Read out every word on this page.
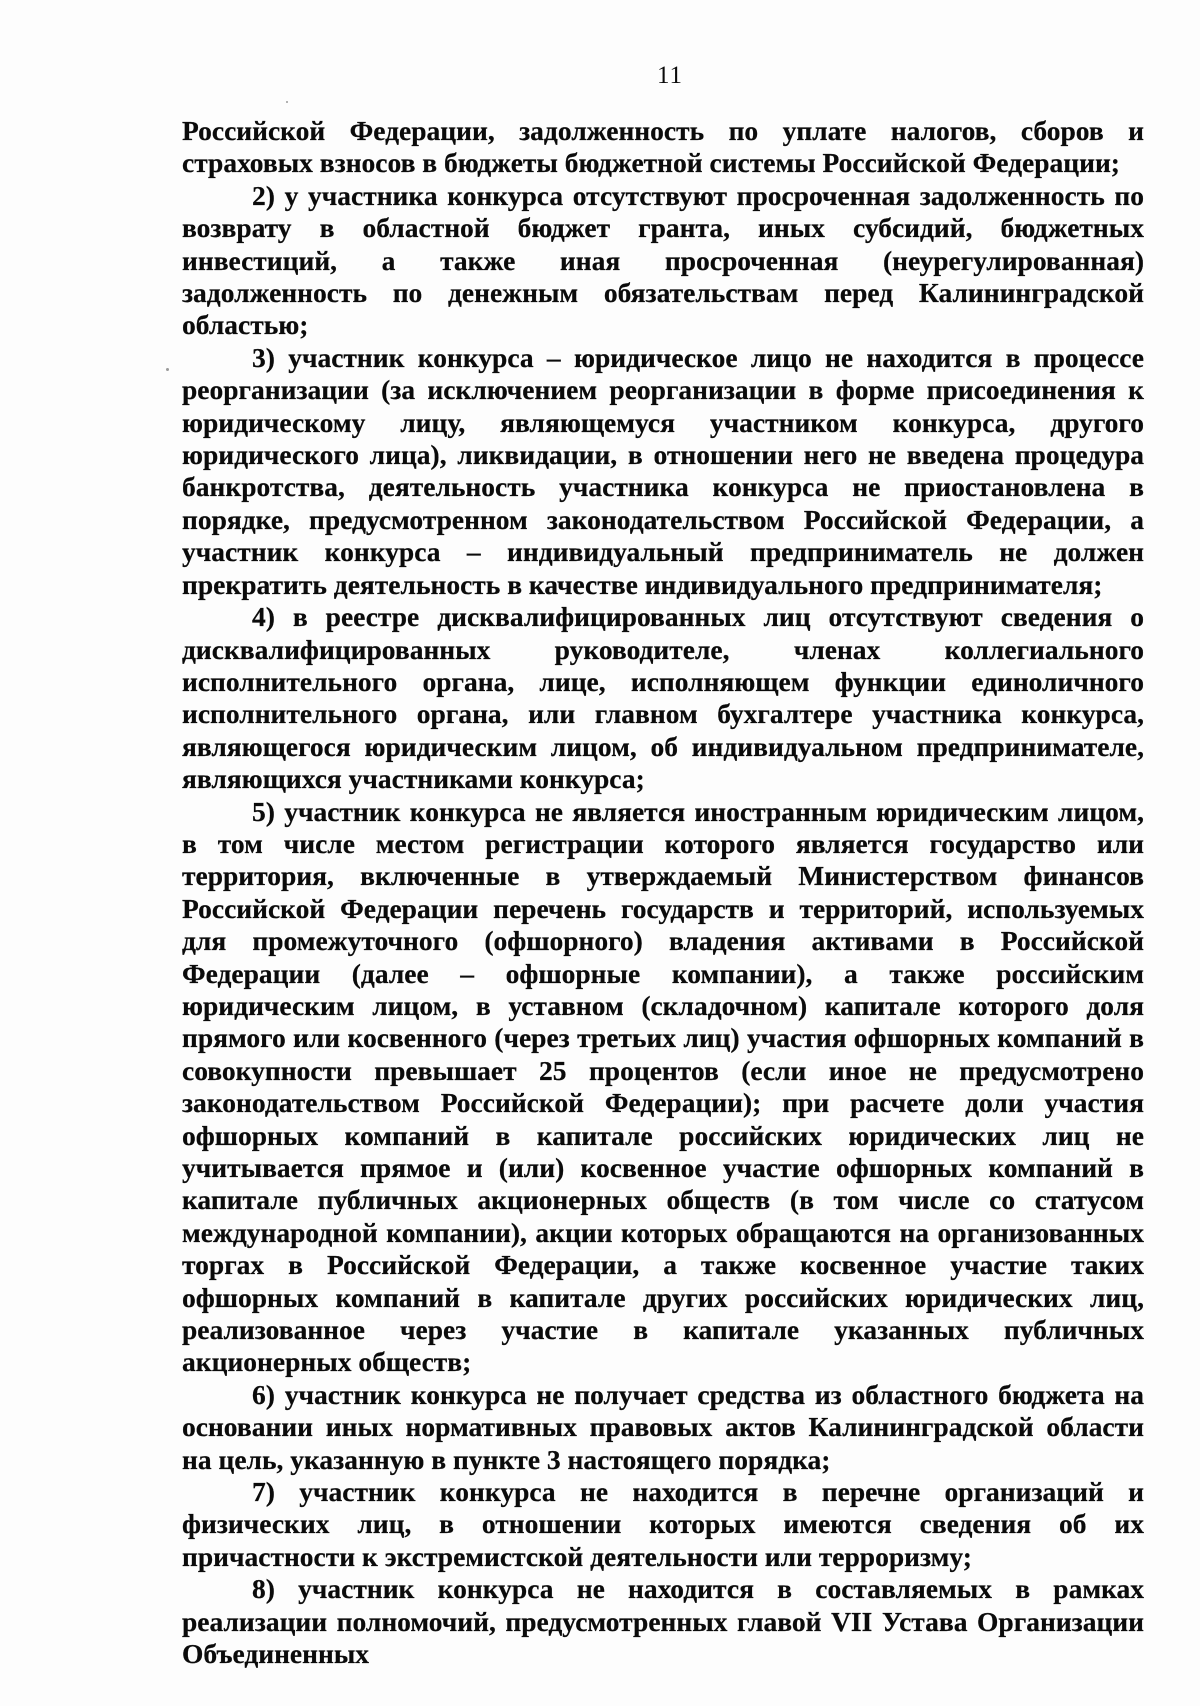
11

Российской Федерации, задолженность по уплате налогов, сборов и страховых взносов в бюджеты бюджетной системы Российской Федерации;

2) у участника конкурса отсутствуют просроченная задолженность по возврату в областной бюджет гранта, иных субсидий, бюджетных инвестиций, а также иная просроченная (неурегулированная) задолженность по денежным обязательствам перед Калининградской областью;

3) участник конкурса – юридическое лицо не находится в процессе реорганизации (за исключением реорганизации в форме присоединения к юридическому лицу, являющемуся участником конкурса, другого юридического лица), ликвидации, в отношении него не введена процедура банкротства, деятельность участника конкурса не приостановлена в порядке, предусмотренном законодательством Российской Федерации, а участник конкурса – индивидуальный предприниматель не должен прекратить деятельность в качестве индивидуального предпринимателя;

4) в реестре дисквалифицированных лиц отсутствуют сведения о дисквалифицированных руководителе, членах коллегиального исполнительного органа, лице, исполняющем функции единоличного исполнительного органа, или главном бухгалтере участника конкурса, являющегося юридическим лицом, об индивидуальном предпринимателе, являющихся участниками конкурса;

5) участник конкурса не является иностранным юридическим лицом, в том числе местом регистрации которого является государство или территория, включенные в утверждаемый Министерством финансов Российской Федерации перечень государств и территорий, используемых для промежуточного (офшорного) владения активами в Российской Федерации (далее – офшорные компании), а также российским юридическим лицом, в уставном (складочном) капитале которого доля прямого или косвенного (через третьих лиц) участия офшорных компаний в совокупности превышает 25 процентов (если иное не предусмотрено законодательством Российской Федерации); при расчете доли участия офшорных компаний в капитале российских юридических лиц не учитывается прямое и (или) косвенное участие офшорных компаний в капитале публичных акционерных обществ (в том числе со статусом международной компании), акции которых обращаются на организованных торгах в Российской Федерации, а также косвенное участие таких офшорных компаний в капитале других российских юридических лиц, реализованное через участие в капитале указанных публичных акционерных обществ;

6) участник конкурса не получает средства из областного бюджета на основании иных нормативных правовых актов Калининградской области на цель, указанную в пункте 3 настоящего порядка;

7) участник конкурса не находится в перечне организаций и физических лиц, в отношении которых имеются сведения об их причастности к экстремистской деятельности или терроризму;

8) участник конкурса не находится в составляемых в рамках реализации полномочий, предусмотренных главой VII Устава Организации Объединенных
